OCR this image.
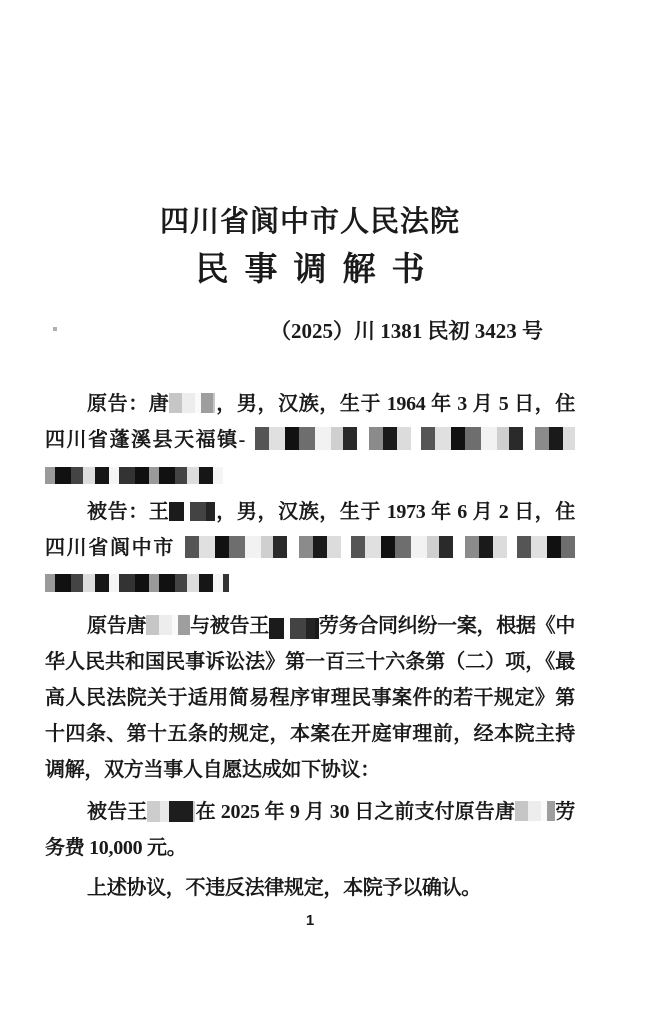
四川省阆中市人民法院
民事调解书
（2025）川 1381 民初 3423 号
原告：唐 ，男，汉族，生于 1964 年 3 月 5 日，住
四川省蓬溪县天福镇-
被告：王 ，男，汉族，生于 1973 年 6 月 2 日，住
四川省阆中市
原告唐 与被告王	劳务合同纠纷一案，根据《中
华人民共和国民事诉讼法》第一百三十六条第（二）项，《最
高人民法院关于适用简易程序审理民事案件的若干规定》第
十四条、第十五条的规定，本案在开庭审理前，经本院主持
调解，双方当事人自愿达成如下协议：
被告王 在 2025 年 9 月 30 日之前支付原告唐 劳
务费 10,000 元。
上述协议，不违反法律规定，本院予以确认。
1
